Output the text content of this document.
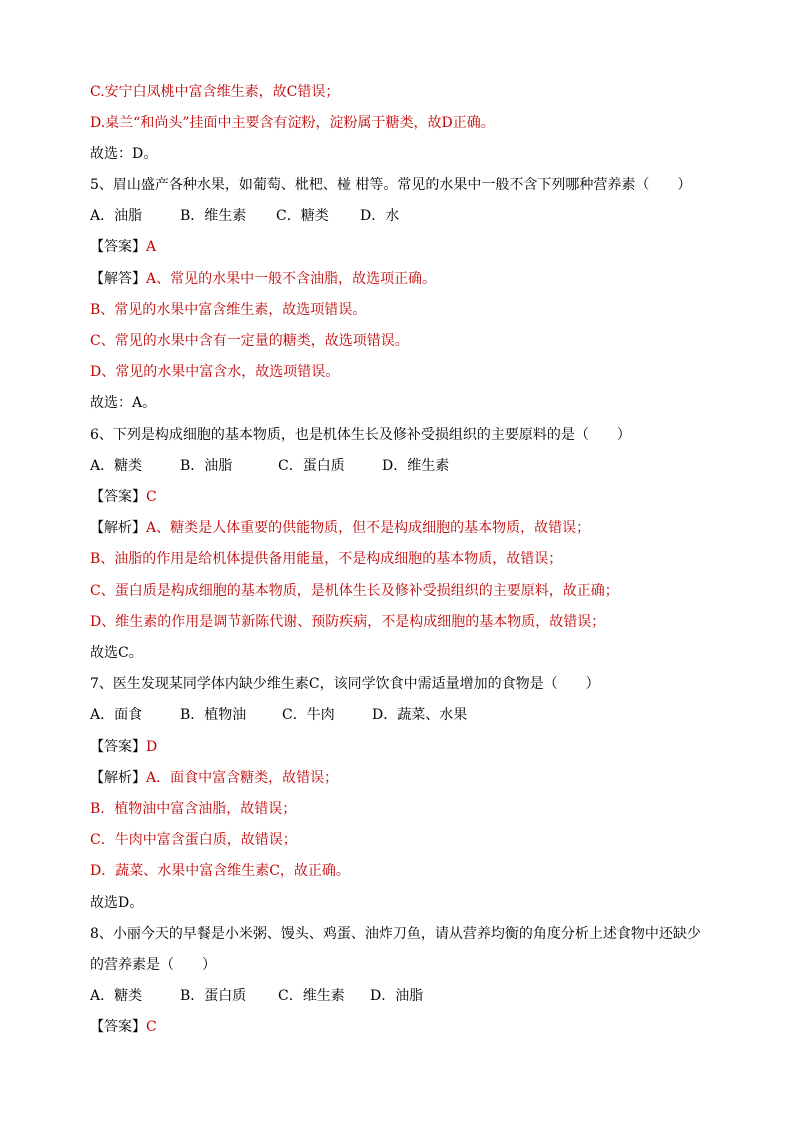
C.安宁白凤桃中富含维生素，故C错误；
D.桌兰“和尚头”挂面中主要含有淀粉，淀粉属于糖类，故D正确。
故选：D。
5、眉山盛产各种水果，如葡萄、枇杷、椪 柑等。常见的水果中一般不含下列哪种营养素（　　）
A．油脂	B．维生素 C．糖类 D．水
【答案】A
【解答】A、常见的水果中一般不含油脂，故选项正确。
B、常见的水果中富含维生素，故选项错误。
C、常见的水果中含有一定量的糖类，故选项错误。
D、常见的水果中富含水，故选项错误。
故选：A。
6、下列是构成细胞的基本物质，也是机体生长及修补受损组织的主要原料的是（　　）
A．糖类	B．油脂	C．蛋白质	D．维生素
【答案】C
【解析】A、糖类是人体重要的供能物质，但不是构成细胞的基本物质，故错误；
B、油脂的作用是给机体提供备用能量，不是构成细胞的基本物质，故错误；
C、蛋白质是构成细胞的基本物质，是机体生长及修补受损组织的主要原料，故正确；
D、维生素的作用是调节新陈代谢、预防疾病，不是构成细胞的基本物质，故错误；
故选C。
7、医生发现某同学体内缺少维生素C，该同学饮食中需适量增加的食物是（　　）
A．面食	B．植物油	C．牛肉	D．蔬菜、水果
【答案】D
【解析】A．面食中富含糖类，故错误；
B．植物油中富含油脂，故错误；
C．牛肉中富含蛋白质，故错误；
D．蔬菜、水果中富含维生素C，故正确。
故选D。
8、小丽今天的早餐是小米粥、馒头、鸡蛋、油炸刀鱼，请从营养均衡的角度分析上述食物中还缺少
的营养素是（　　）
A．糖类	B．蛋白质 C．维生素 D．油脂
【答案】C
